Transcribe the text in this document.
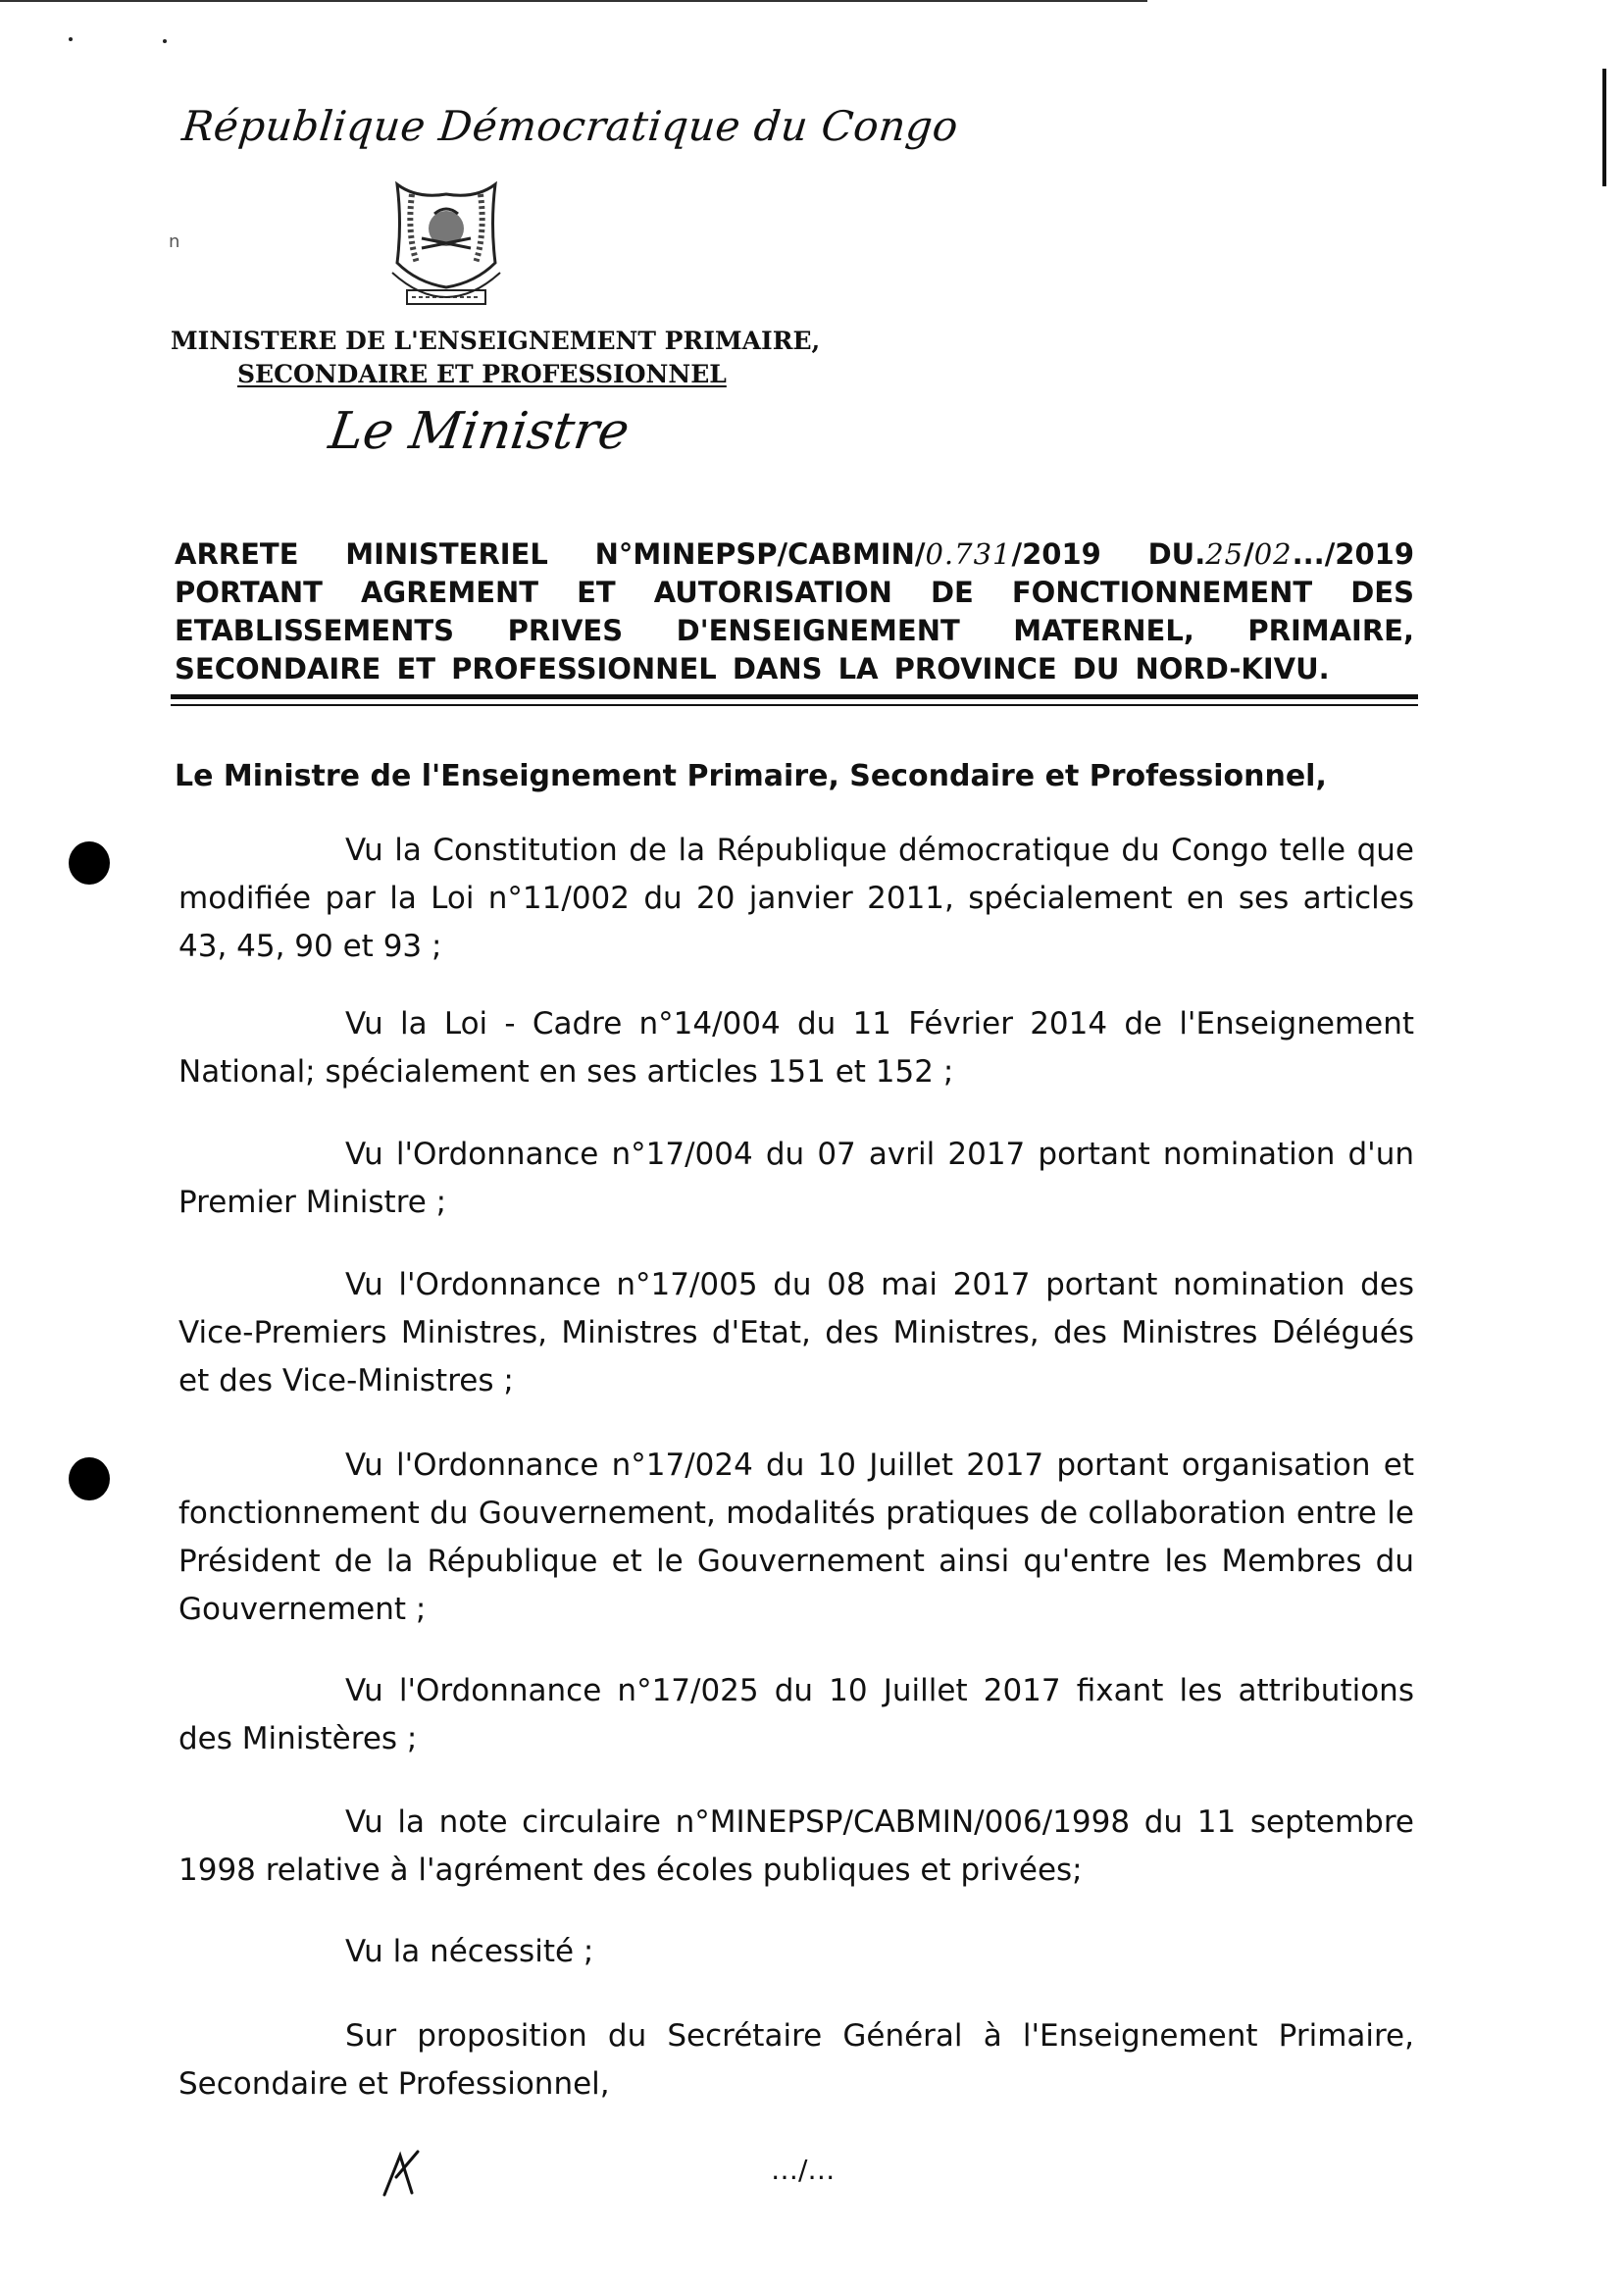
République Démocratique du Congo
n
MINISTERE DE L'ENSEIGNEMENT PRIMAIRE,
SECONDAIRE ET PROFESSIONNEL
Le Ministre
ARRETE MINISTERIEL N°MINEPSP/CABMIN/0.731/2019 DU.25/02.../2019
PORTANT AGREMENT ET AUTORISATION DE FONCTIONNEMENT DES
ETABLISSEMENTS PRIVES D'ENSEIGNEMENT MATERNEL, PRIMAIRE,
SECONDAIRE ET PROFESSIONNEL DANS LA PROVINCE DU NORD-KIVU.
Le Ministre de l'Enseignement Primaire, Secondaire et Professionnel,

Vu la Constitution de la République démocratique du Congo telle que modifiée par la Loi n°11/002 du 20 janvier 2011, spécialement en ses articles 43, 45, 90 et 93 ;

Vu la Loi - Cadre n°14/004 du 11 Février 2014 de l'Enseignement National; spécialement en ses articles 151 et 152 ;

Vu l'Ordonnance n°17/004 du 07 avril 2017 portant nomination d'un Premier Ministre ;

Vu l'Ordonnance n°17/005 du 08 mai 2017 portant nomination des Vice-Premiers Ministres, Ministres d'Etat, des Ministres, des Ministres Délégués et des Vice-Ministres ;

Vu l'Ordonnance n°17/024 du 10 Juillet 2017 portant organisation et fonctionnement du Gouvernement, modalités pratiques de collaboration entre le Président de la République et le Gouvernement ainsi qu'entre les Membres du Gouvernement ;

Vu l'Ordonnance n°17/025 du 10 Juillet 2017 fixant les attributions des Ministères ;

Vu la note circulaire n°MINEPSP/CABMIN/006/1998 du 11 septembre 1998 relative à l'agrément des écoles publiques et privées;

Vu la nécessité ;

Sur proposition du Secrétaire Général à l'Enseignement Primaire, Secondaire et Professionnel,

…/…
